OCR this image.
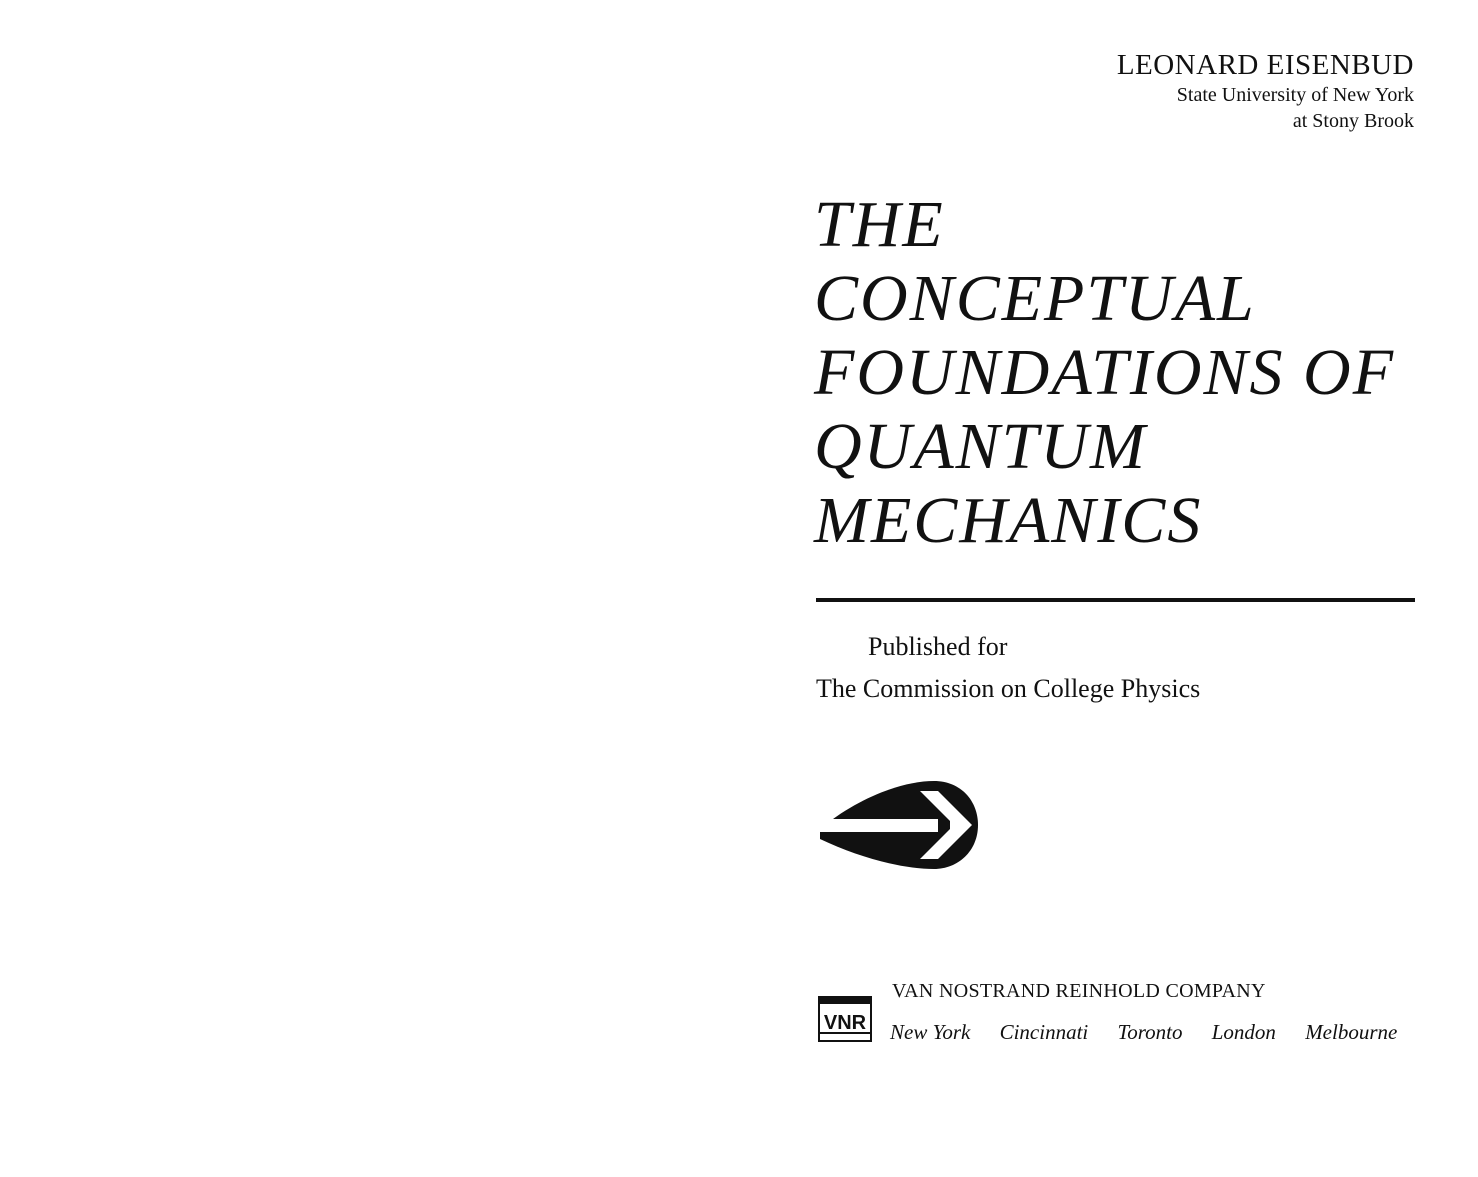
LEONARD EISENBUD
State University of New York
at Stony Brook
THE
CONCEPTUAL
FOUNDATIONS OF
QUANTUM
MECHANICS
Published for
The Commission on College Physics
VNR
VAN NOSTRAND REINHOLD COMPANY
New York Cincinnati Toronto London Melbourne
